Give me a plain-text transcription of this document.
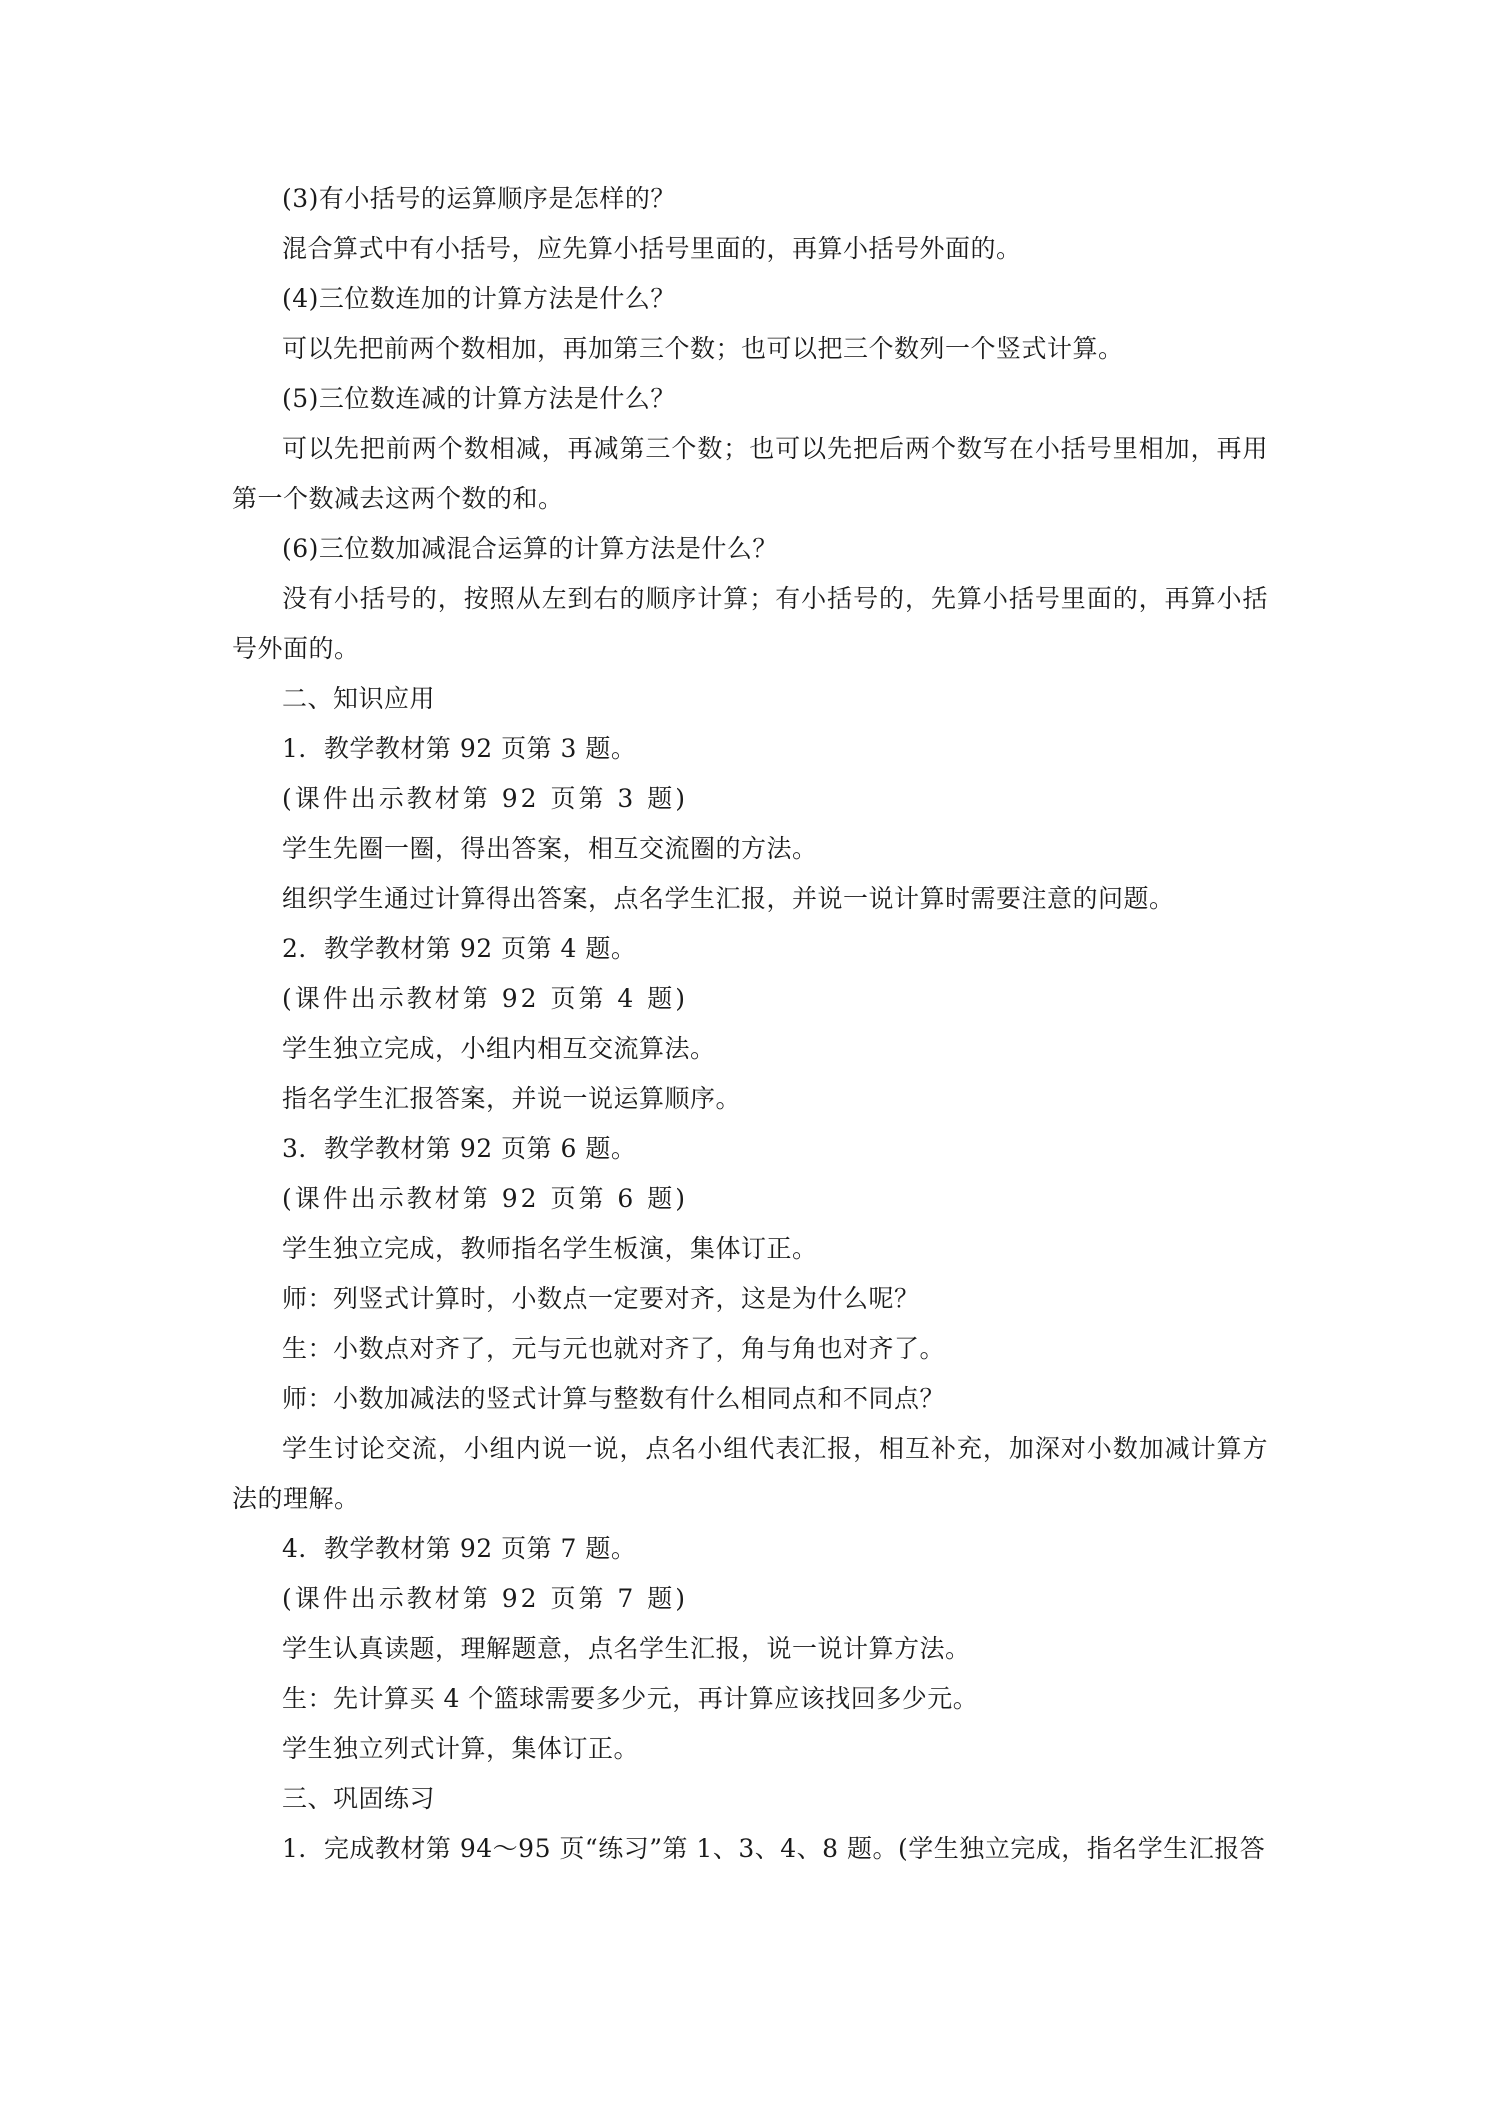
(3)有小括号的运算顺序是怎样的？

混合算式中有小括号，应先算小括号里面的，再算小括号外面的。

(4)三位数连加的计算方法是什么？

可以先把前两个数相加，再加第三个数；也可以把三个数列一个竖式计算。

(5)三位数连减的计算方法是什么？

可以先把前两个数相减，再减第三个数；也可以先把后两个数写在小括号里相加，再用第一个数减去这两个数的和。

(6)三位数加减混合运算的计算方法是什么？

没有小括号的，按照从左到右的顺序计算；有小括号的，先算小括号里面的，再算小括号外面的。

二、知识应用

1．教学教材第 92 页第 3 题。

(课件出示教材第 92 页第 3 题)

学生先圈一圈，得出答案，相互交流圈的方法。

组织学生通过计算得出答案，点名学生汇报，并说一说计算时需要注意的问题。

2．教学教材第 92 页第 4 题。

(课件出示教材第 92 页第 4 题)

学生独立完成，小组内相互交流算法。

指名学生汇报答案，并说一说运算顺序。

3．教学教材第 92 页第 6 题。

(课件出示教材第 92 页第 6 题)

学生独立完成，教师指名学生板演，集体订正。

师：列竖式计算时，小数点一定要对齐，这是为什么呢？

生：小数点对齐了，元与元也就对齐了，角与角也对齐了。

师：小数加减法的竖式计算与整数有什么相同点和不同点？

学生讨论交流，小组内说一说，点名小组代表汇报，相互补充，加深对小数加减计算方法的理解。

4．教学教材第 92 页第 7 题。

(课件出示教材第 92 页第 7 题)

学生认真读题，理解题意，点名学生汇报，说一说计算方法。

生：先计算买 4 个篮球需要多少元，再计算应该找回多少元。

学生独立列式计算，集体订正。

三、巩固练习

1．完成教材第 94～95 页“练习”第 1、3、4、8 题。(学生独立完成，指名学生汇报答
